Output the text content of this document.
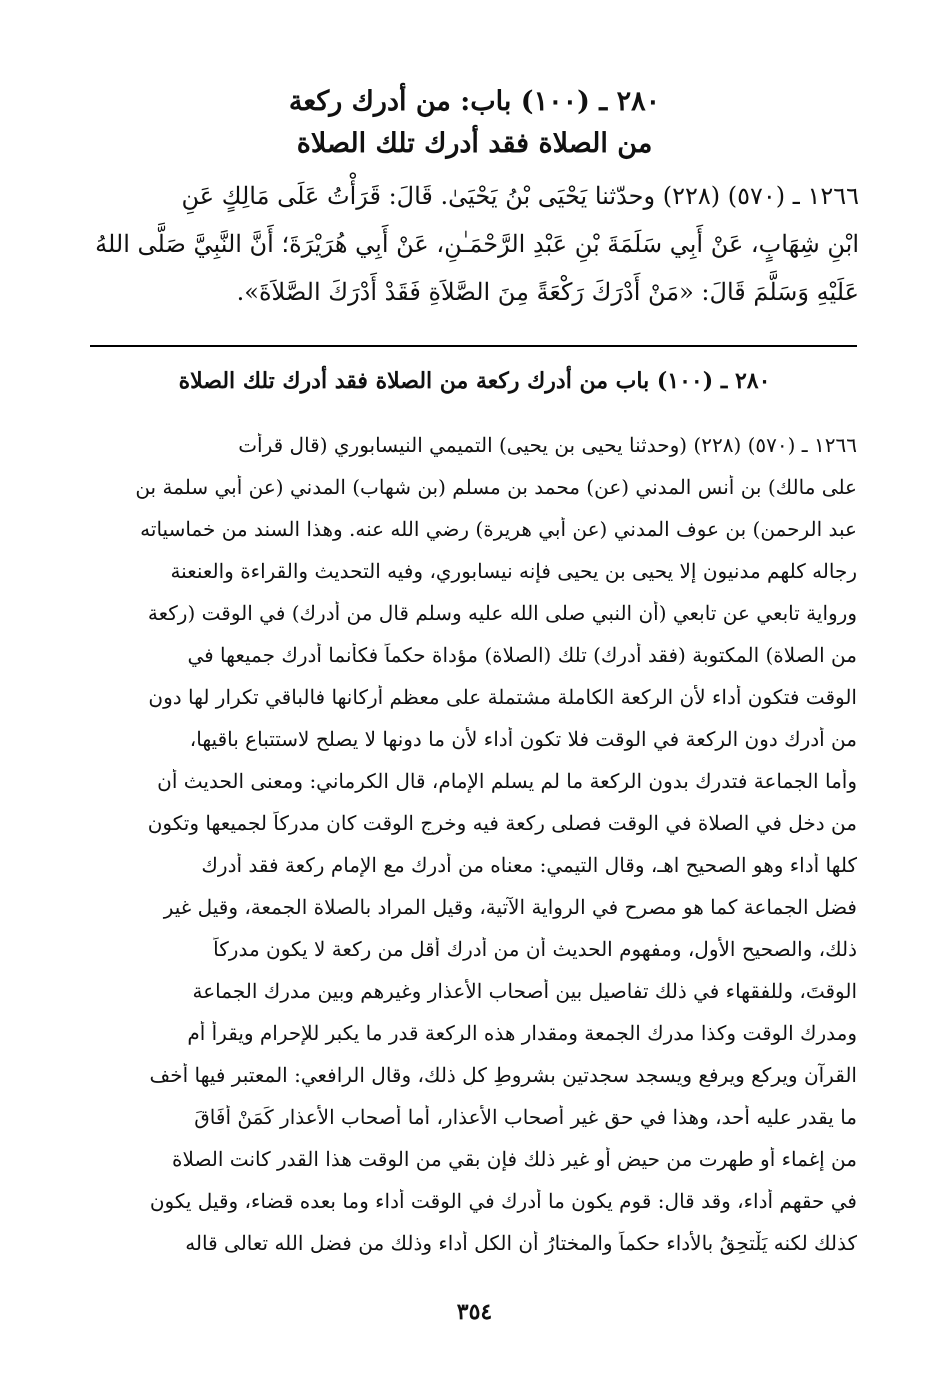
٢٨٠ ـ (١٠٠) باب: من أدرك ركعة
من الصلاة فقد أدرك تلك الصلاة
١٢٦٦ ـ (٥٧٠) (٢٢٨) وحدّثنا يَحْيَى بْنُ يَحْيَىٰ. قَالَ: قَرَأْتُ عَلَى مَالِكٍ عَنِ
ابْنِ شِهَابٍ، عَنْ أَبِي سَلَمَةَ بْنِ عَبْدِ الرَّحْمَـٰنِ، عَنْ أَبِي هُرَيْرَةَ؛ أَنَّ النَّبِيَّ صَلَّى اللهُ
عَلَيْهِ وَسَلَّمَ قَالَ: «مَنْ أَدْرَكَ رَكْعَةً مِنَ الصَّلاَةِ فَقَدْ أَدْرَكَ الصَّلاَةَ».
٢٨٠ ـ (١٠٠) باب من أدرك ركعة من الصلاة فقد أدرك تلك الصلاة
١٢٦٦ ـ (٥٧٠) (٢٢٨) (وحدثنا يحيى بن يحيى) التميمي النيسابوري (قال قرأت
على مالك) بن أنس المدني (عن) محمد بن مسلم (بن شهاب) المدني (عن أبي سلمة بن
عبد الرحمن) بن عوف المدني (عن أبي هريرة) رضي الله عنه. وهذا السند من خماسياته
رجاله كلهم مدنيون إلا يحيى بن يحيى فإنه نيسابوري، وفيه التحديث والقراءة والعنعنة
ورواية تابعي عن تابعي (أن النبي صلى الله عليه وسلم قال من أدرك) في الوقت (ركعة
من الصلاة) المكتوبة (فقد أدرك) تلك (الصلاة) مؤداة حكماً فكأنما أدرك جميعها في
الوقت فتكون أداء لأن الركعة الكاملة مشتملة على معظم أركانها فالباقي تكرار لها دون
من أدرك دون الركعة في الوقت فلا تكون أداء لأن ما دونها لا يصلح لاستتباع باقيها،
وأما الجماعة فتدرك بدون الركعة ما لم يسلم الإمام، قال الكرماني: ومعنى الحديث أن
من دخل في الصلاة في الوقت فصلى ركعة فيه وخرج الوقت كان مدركاً لجميعها وتكون
كلها أداء وهو الصحيح اهـ، وقال التيمي: معناه من أدرك مع الإمام ركعة فقد أدرك
فضل الجماعة كما هو مصرح في الرواية الآتية، وقيل المراد بالصلاة الجمعة، وقيل غير
ذلك، والصحيح الأول، ومفهوم الحديث أن من أدرك أقل من ركعة لا يكون مدركاً
الوقتَ، وللفقهاء في ذلك تفاصيل بين أصحاب الأعذار وغيرهم وبين مدرك الجماعة
ومدرك الوقت وكذا مدرك الجمعة ومقدار هذه الركعة قدر ما يكبر للإحرام ويقرأ أم
القرآن ويركع ويرفع ويسجد سجدتين بشروطِ كلٍ ذلك، وقال الرافعي: المعتبر فيها أخف
ما يقدر عليه أحد، وهذا في حق غير أصحاب الأعذار، أما أصحاب الأعذار كَمَنْ أَفَاقَ
من إغماء أو طهرت من حيض أو غير ذلك فإن بقي من الوقت هذا القدر كانت الصلاة
في حقهم أداء، وقد قال: قوم يكون ما أدرك في الوقت أداء وما بعده قضاء، وقيل يكون
كذلك لكنه يَلْتحِقُ بالأداء حكماً والمختارُ أن الكل أداء وذلك من فضل الله تعالى قاله
٣٥٤
